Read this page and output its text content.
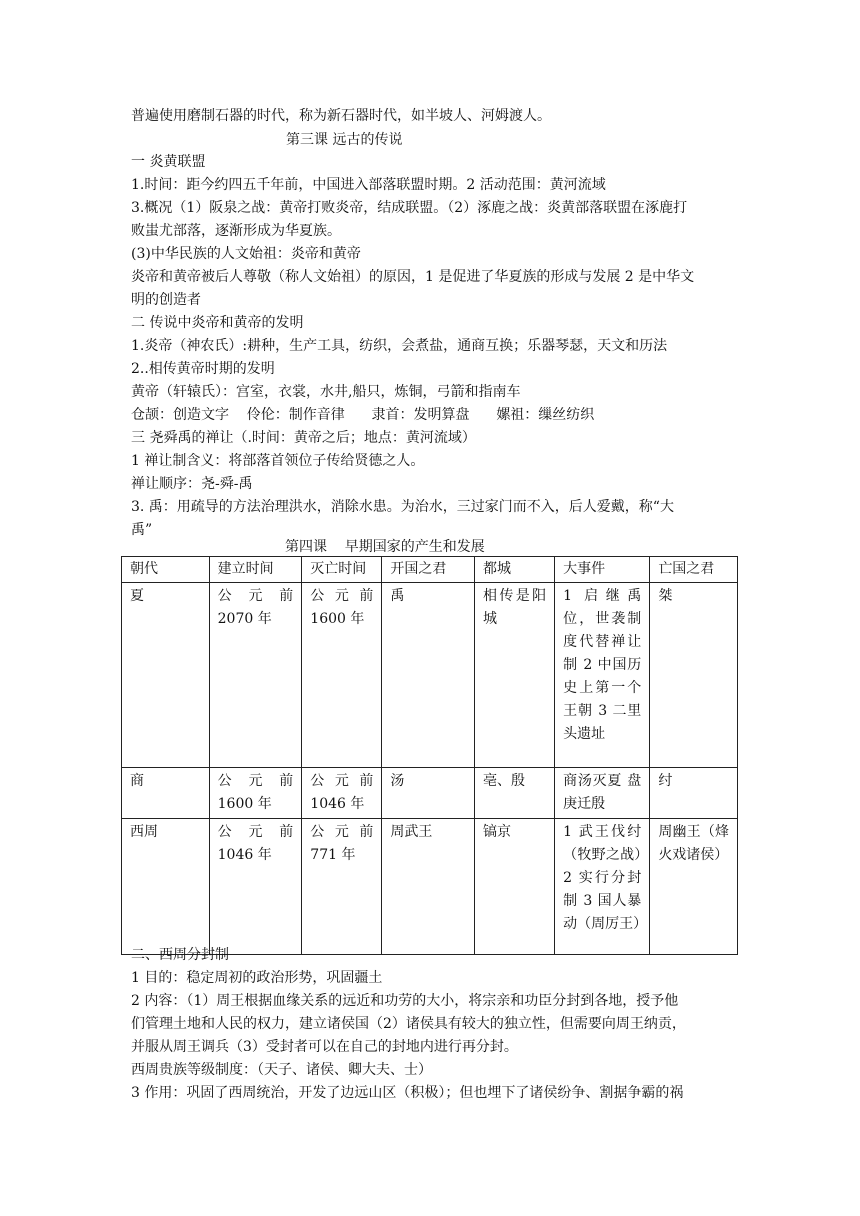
普遍使用磨制石器的时代，称为新石器时代，如半坡人、河姆渡人。
第三课 远古的传说
一 炎黄联盟
1.时间：距今约四五千年前，中国进入部落联盟时期。2 活动范围：黄河流域
3.概况（1）阪泉之战：黄帝打败炎帝，结成联盟。（2）涿鹿之战：炎黄部落联盟在涿鹿打
败蚩尤部落，逐渐形成为华夏族。
(3)中华民族的人文始祖：炎帝和黄帝
炎帝和黄帝被后人尊敬（称人文始祖）的原因，1 是促进了华夏族的形成与发展 2 是中华文
明的创造者
二 传说中炎帝和黄帝的发明
1.炎帝（神农氏）:耕种，生产工具，纺织，会煮盐，通商互换；乐器琴瑟，天文和历法
2..相传黄帝时期的发明
黄帝（轩辕氏）：宫室，衣裳，水井,船只，炼铜，弓箭和指南车
仓颉：创造文字    伶伦：制作音律      隶首：发明算盘      嫘祖：缫丝纺织
三 尧舜禹的禅让（.时间：黄帝之后；地点：黄河流域）
1 禅让制含义：将部落首领位子传给贤德之人。
禅让顺序：尧-舜-禹
3. 禹：用疏导的方法治理洪水，消除水患。为治水，三过家门而不入，后人爱戴，称“大
禹”
第四课    早期国家的产生和发展
朝代	建立时间	灭亡时间	开国之君	都城	大事件	亡国之君
夏	公元前2070 年	公元前1600 年	禹	相传是阳城	1 启继禹位，世袭制度代替禅让制 2 中国历史上第一个王朝 3 二里头遗址	桀
商	公元前1600 年	公元前1046 年	汤	亳、殷	商汤灭夏 盘庚迁殷	纣
西周	公元前1046 年	公元前 771 年	周武王	镐京	1 武王伐纣（牧野之战）2 实行分封制 3 国人暴动（周厉王）	周幽王（烽火戏诸侯）
二、西周分封制
1 目的：稳定周初的政治形势，巩固疆土
2 内容：（1）周王根据血缘关系的远近和功劳的大小，将宗亲和功臣分封到各地，授予他
们管理土地和人民的权力，建立诸侯国（2）诸侯具有较大的独立性，但需要向周王纳贡，
并服从周王调兵（3）受封者可以在自己的封地内进行再分封。
西周贵族等级制度：（天子、诸侯、卿大夫、士）
3 作用：巩固了西周统治，开发了边远山区（积极）；但也埋下了诸侯纷争、割据争霸的祸
